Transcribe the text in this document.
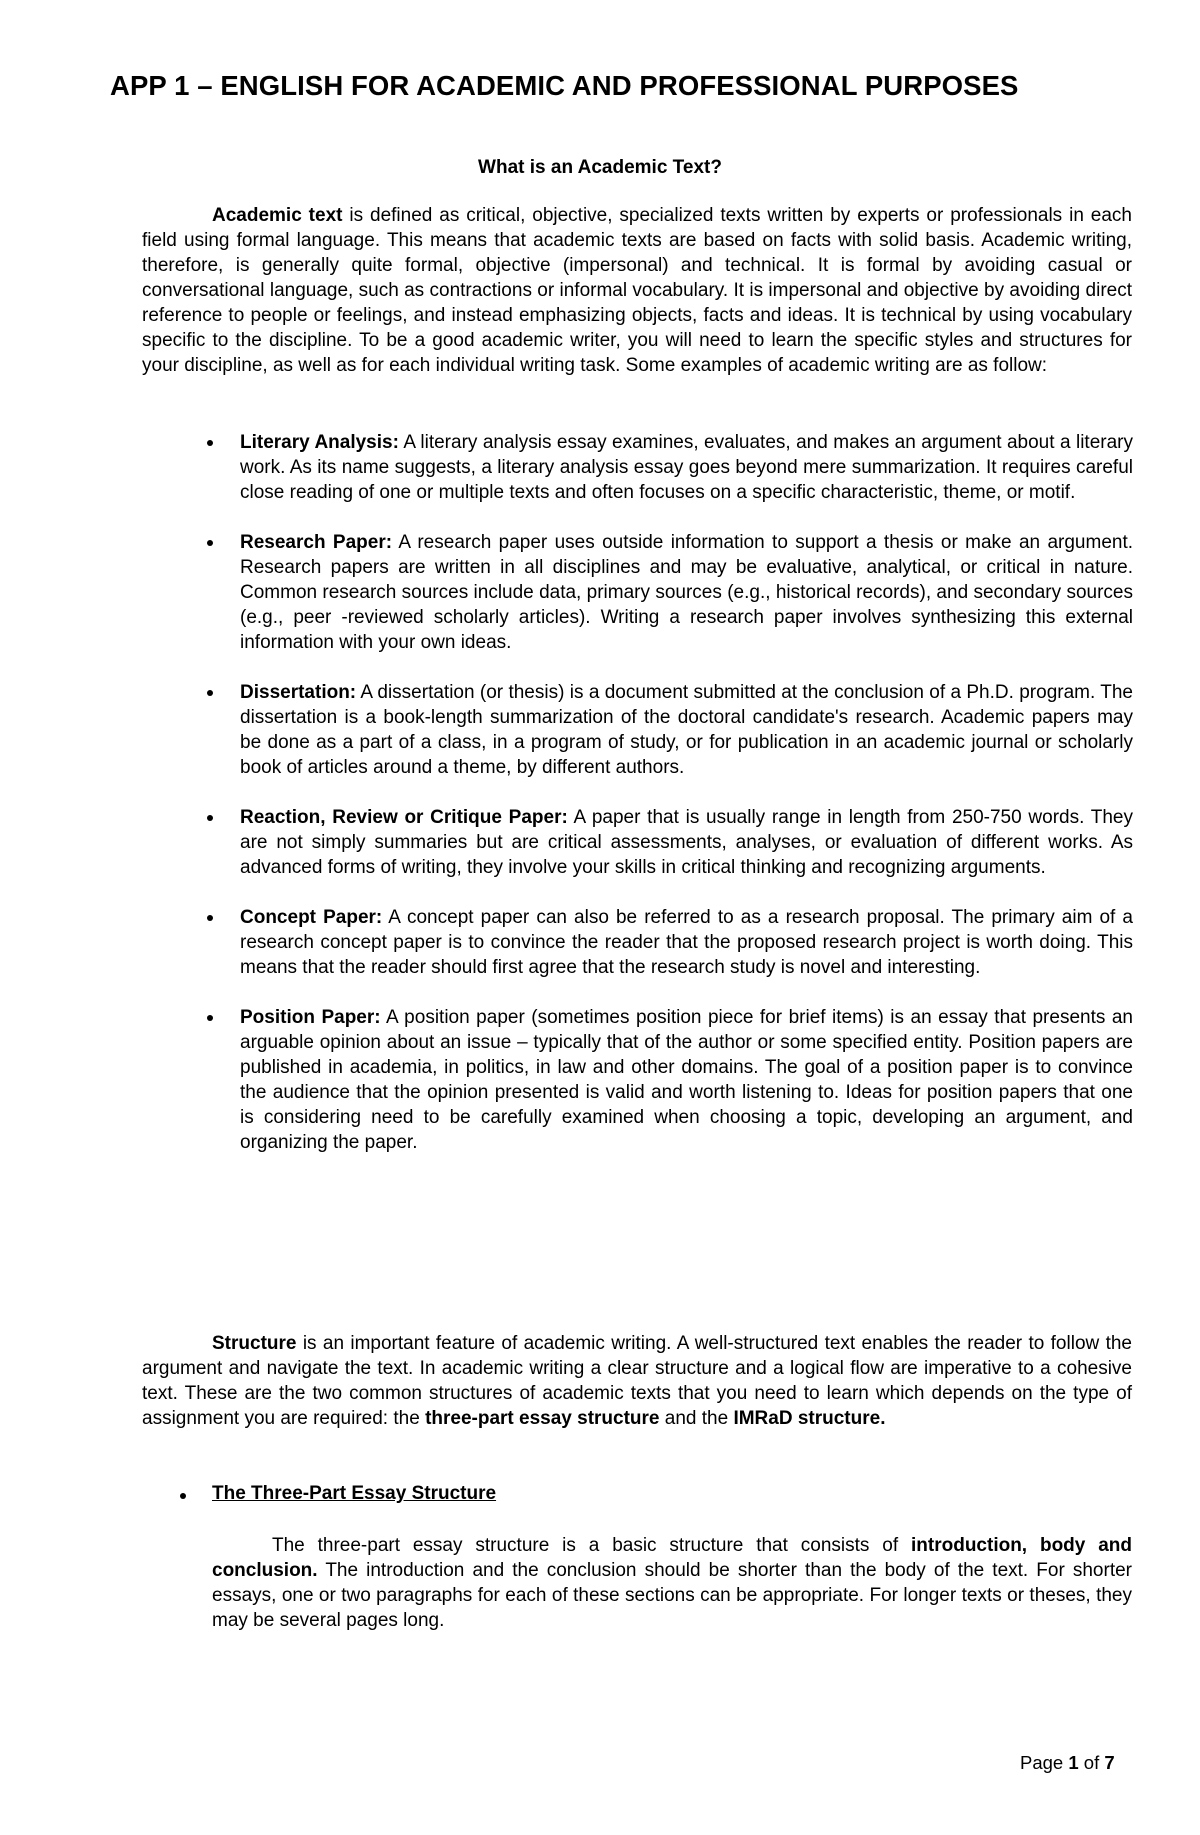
APP 1 – ENGLISH FOR ACADEMIC AND PROFESSIONAL PURPOSES
What is an Academic Text?

Academic text is defined as critical, objective, specialized texts written by experts or professionals in each field using formal language. This means that academic texts are based on facts with solid basis. Academic writing, therefore, is generally quite formal, objective (impersonal) and technical. It is formal by avoiding casual or conversational language, such as contractions or informal vocabulary. It is impersonal and objective by avoiding direct reference to people or feelings, and instead emphasizing objects, facts and ideas. It is technical by using vocabulary specific to the discipline. To be a good academic writer, you will need to learn the specific styles and structures for your discipline, as well as for each individual writing task. Some examples of academic writing are as follow:

Literary Analysis: A literary analysis essay examines, evaluates, and makes an argument about a literary work. As its name suggests, a literary analysis essay goes beyond mere summarization. It requires careful close reading of one or multiple texts and often focuses on a specific characteristic, theme, or motif.
Research Paper: A research paper uses outside information to support a thesis or make an argument. Research papers are written in all disciplines and may be evaluative, analytical, or critical in nature. Common research sources include data, primary sources (e.g., historical records), and secondary sources (e.g., peer -reviewed scholarly articles). Writing a research paper involves synthesizing this external information with your own ideas.
Dissertation: A dissertation (or thesis) is a document submitted at the conclusion of a Ph.D. program. The dissertation is a book-length summarization of the doctoral candidate's research. Academic papers may be done as a part of a class, in a program of study, or for publication in an academic journal or scholarly book of articles around a theme, by different authors.
Reaction, Review or Critique Paper: A paper that is usually range in length from 250-750 words. They are not simply summaries but are critical assessments, analyses, or evaluation of different works. As advanced forms of writing, they involve your skills in critical thinking and recognizing arguments.
Concept Paper: A concept paper can also be referred to as a research proposal. The primary aim of a research concept paper is to convince the reader that the proposed research project is worth doing. This means that the reader should first agree that the research study is novel and interesting.
Position Paper: A position paper (sometimes position piece for brief items) is an essay that presents an arguable opinion about an issue – typically that of the author or some specified entity. Position papers are published in academia, in politics, in law and other domains. The goal of a position paper is to convince the audience that the opinion presented is valid and worth listening to. Ideas for position papers that one is considering need to be carefully examined when choosing a topic, developing an argument, and organizing the paper.

Structure is an important feature of academic writing. A well-structured text enables the reader to follow the argument and navigate the text. In academic writing a clear structure and a logical flow are imperative to a cohesive text. These are the two common structures of academic texts that you need to learn which depends on the type of assignment you are required: the three-part essay structure and the IMRaD structure.

The Three-Part Essay Structure

The three-part essay structure is a basic structure that consists of introduction, body and conclusion. The introduction and the conclusion should be shorter than the body of the text. For shorter essays, one or two paragraphs for each of these sections can be appropriate. For longer texts or theses, they may be several pages long.

Page 1 of 7
